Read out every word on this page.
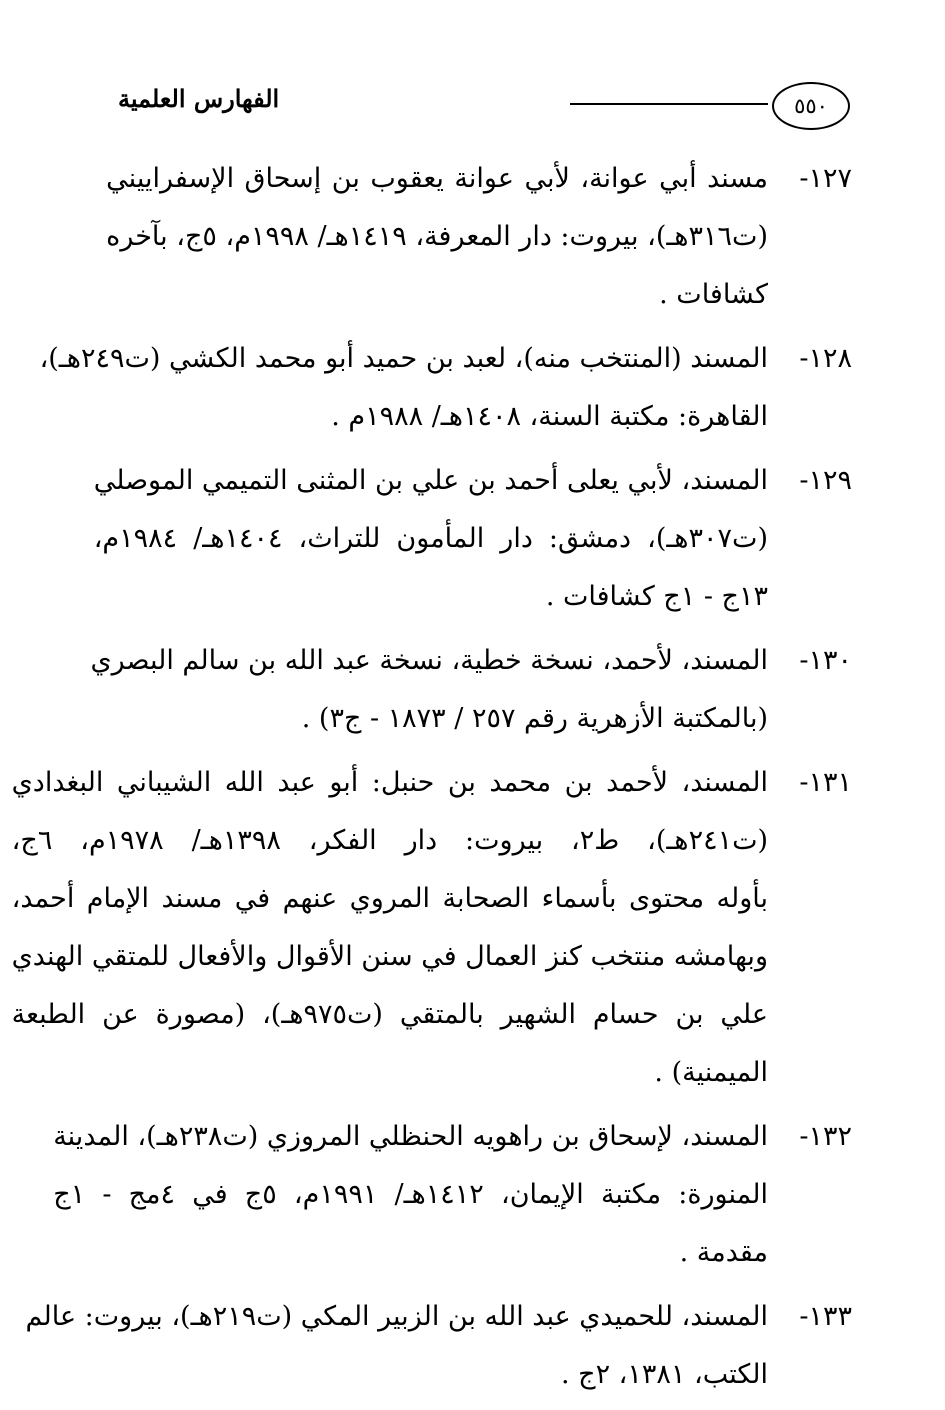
٥٥٠
الفهارس العلمية
١٢٧-
مسند أبي عوانة، لأبي عوانة يعقوب بن إسحاق الإسفراييني
(ت٣١٦هـ)، بيروت: دار المعرفة، ١٤١٩هـ/ ١٩٩٨م، ٥ج، بآخره
كشافات .
١٢٨-
المسند (المنتخب منه)، لعبد بن حميد أبو محمد الكشي (ت٢٤٩هـ)،
القاهرة: مكتبة السنة، ١٤٠٨هـ/ ١٩٨٨م .
١٢٩-
المسند، لأبي يعلى أحمد بن علي بن المثنى التميمي الموصلي
(ت٣٠٧هـ)، دمشق: دار المأمون للتراث، ١٤٠٤هـ/ ١٩٨٤م،
١٣ج - ١ج كشافات .
١٣٠-
المسند، لأحمد، نسخة خطية، نسخة عبد الله بن سالم البصري
(بالمكتبة الأزهرية رقم ٢٥٧ / ١٨٧٣ - ج٣) .
١٣١-
المسند، لأحمد بن محمد بن حنبل: أبو عبد الله الشيباني البغدادي
(ت٢٤١هـ)، ط٢، بيروت: دار الفكر، ١٣٩٨هـ/ ١٩٧٨م، ٦ج،
بأوله محتوى بأسماء الصحابة المروي عنهم في مسند الإمام أحمد،
وبهامشه منتخب كنز العمال في سنن الأقوال والأفعال للمتقي الهندي
علي بن حسام الشهير بالمتقي (ت٩٧٥هـ)، (مصورة عن الطبعة
الميمنية) .
١٣٢-
المسند، لإسحاق بن راهويه الحنظلي المروزي (ت٢٣٨هـ)، المدينة
المنورة: مكتبة الإيمان، ١٤١٢هـ/ ١٩٩١م، ٥ج في ٤مج - ١ج
مقدمة .
١٣٣-
المسند، للحميدي عبد الله بن الزبير المكي (ت٢١٩هـ)، بيروت: عالم
الكتب، ١٣٨١، ٢ج .
